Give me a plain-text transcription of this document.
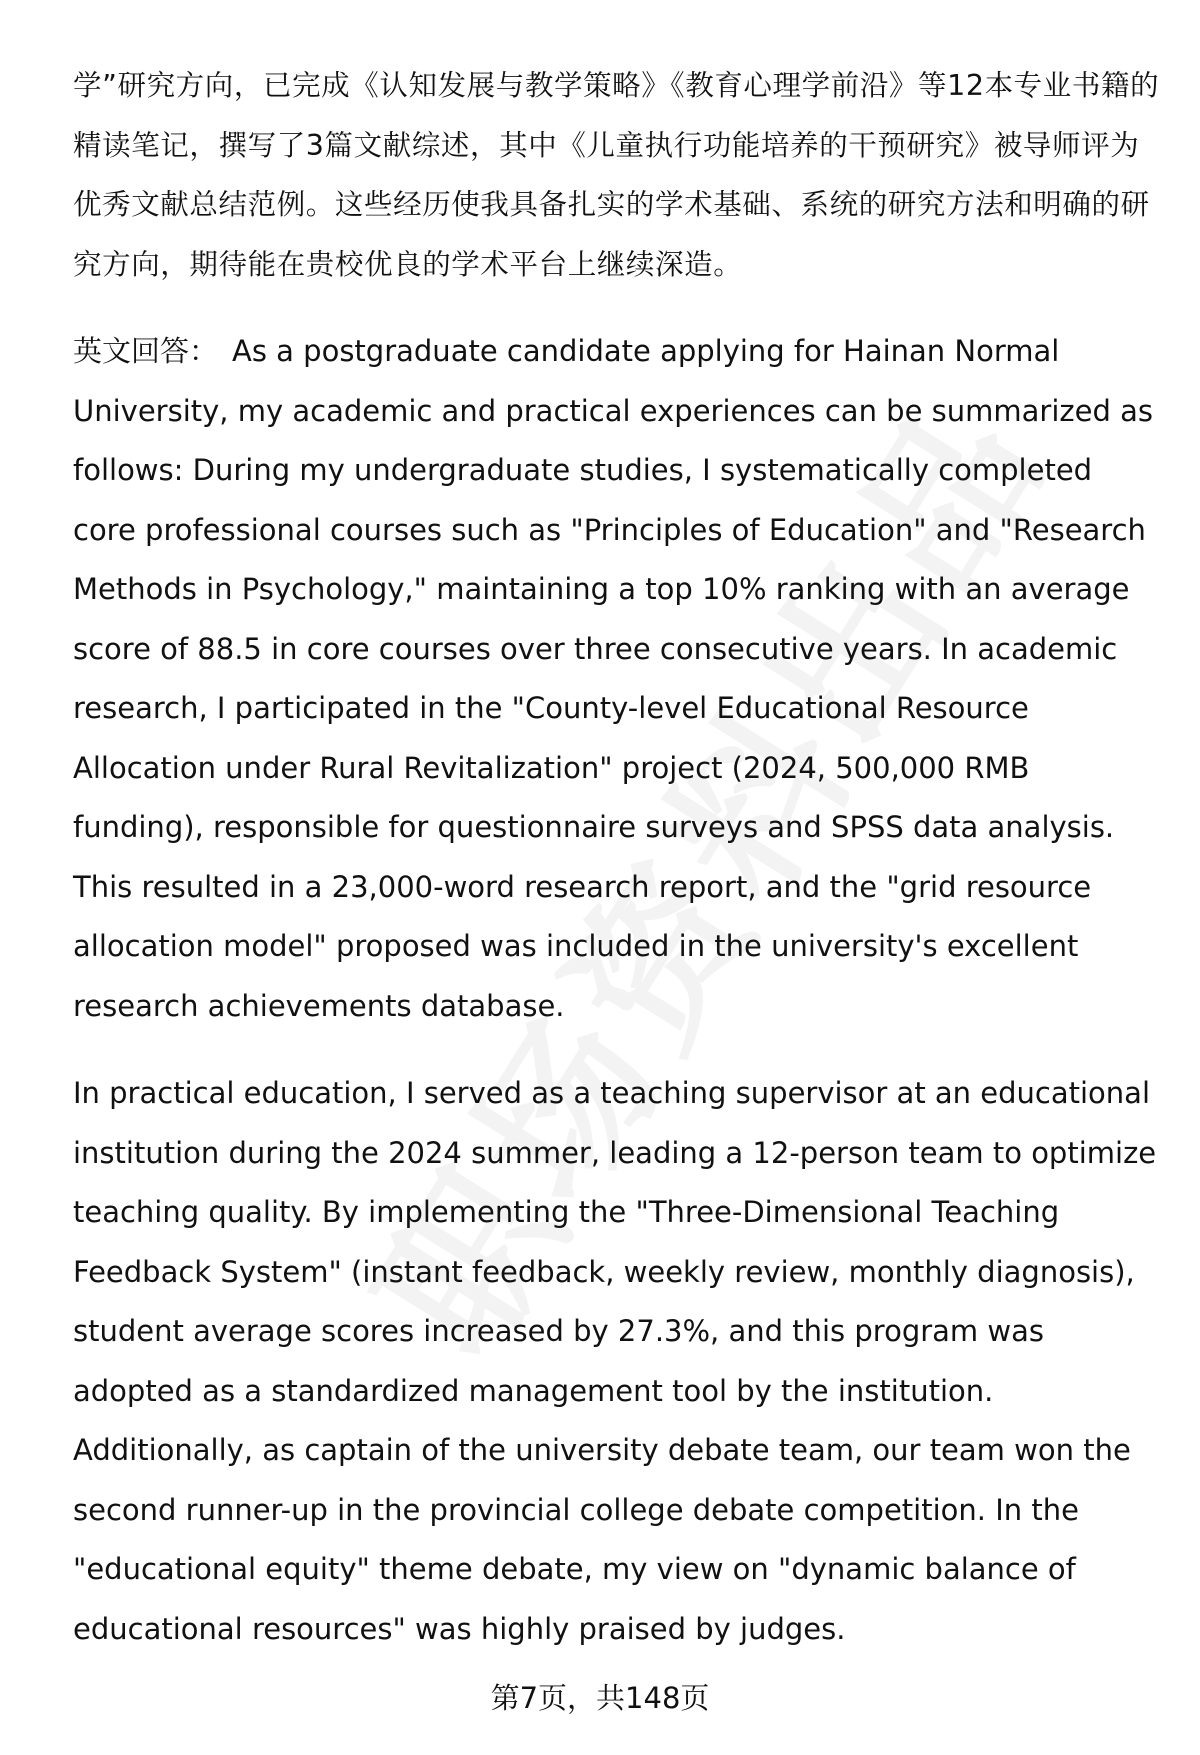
学”研究方向，已完成《认知发展与教学策略》《教育心理学前沿》等12本专业书籍的精读笔记，撰写了3篇文献综述，其中《儿童执行功能培养的干预研究》被导师评为优秀文献总结范例。这些经历使我具备扎实的学术基础、系统的研究方法和明确的研究方向，期待能在贵校优良的学术平台上继续深造。

英文回答： As a postgraduate candidate applying for Hainan Normal University, my academic and practical experiences can be summarized as follows: During my undergraduate studies, I systematically completed core professional courses such as "Principles of Education" and "Research Methods in Psychology," maintaining a top 10% ranking with an average score of 88.5 in core courses over three consecutive years. In academic research, I participated in the "County-level Educational Resource Allocation under Rural Revitalization" project (2024, 500,000 RMB funding), responsible for questionnaire surveys and SPSS data analysis. This resulted in a 23,000-word research report, and the "grid resource allocation model" proposed was included in the university's excellent research achievements database.

In practical education, I served as a teaching supervisor at an educational institution during the 2024 summer, leading a 12-person team to optimize teaching quality. By implementing the "Three-Dimensional Teaching Feedback System" (instant feedback, weekly review, monthly diagnosis), student average scores increased by 27.3%, and this program was adopted as a standardized management tool by the institution. Additionally, as captain of the university debate team, our team won the second runner-up in the provincial college debate competition. In the "educational equity" theme debate, my view on "dynamic balance of educational resources" was highly praised by judges.

第7页，共148页
